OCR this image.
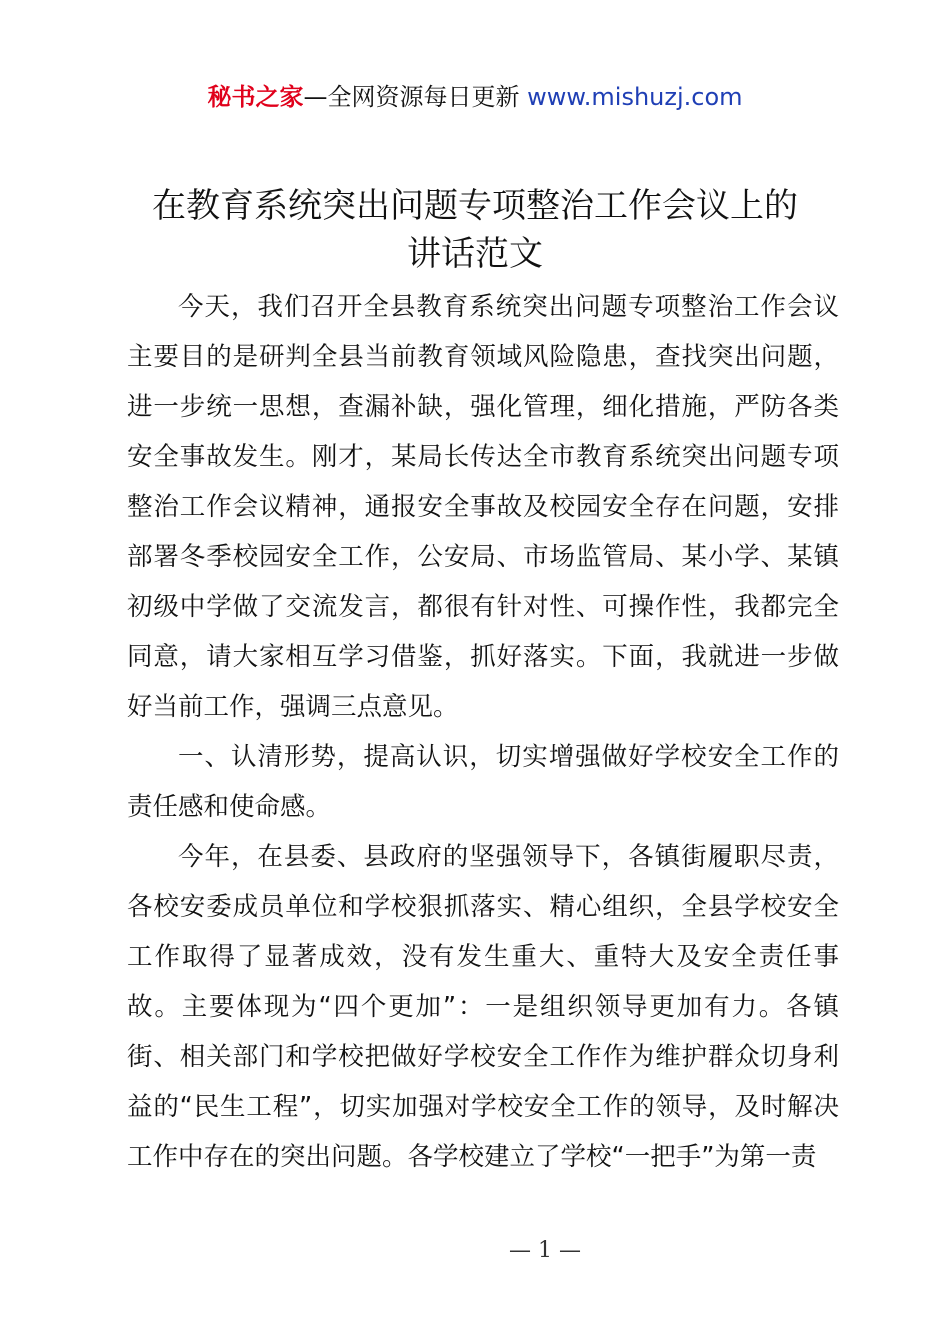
秘书之家—全网资源每日更新 www.mishuzj.com
在教育系统突出问题专项整治工作会议上的
讲话范文

今天，我们召开全县教育系统突出问题专项整治工作会议主要目的是研判全县当前教育领域风险隐患，查找突出问题，进一步统一思想，查漏补缺，强化管理，细化措施，严防各类安全事故发生。刚才，某局长传达全市教育系统突出问题专项整治工作会议精神，通报安全事故及校园安全存在问题，安排部署冬季校园安全工作，公安局、市场监管局、某小学、某镇初级中学做了交流发言，都很有针对性、可操作性，我都完全同意，请大家相互学习借鉴，抓好落实。下面，我就进一步做好当前工作，强调三点意见。

一、认清形势，提高认识，切实增强做好学校安全工作的责任感和使命感。

今年，在县委、县政府的坚强领导下，各镇街履职尽责，各校安委成员单位和学校狠抓落实、精心组织，全县学校安全工作取得了显著成效，没有发生重大、重特大及安全责任事故。主要体现为“四个更加”：一是组织领导更加有力。各镇街、相关部门和学校把做好学校安全工作作为维护群众切身利益的“民生工程”，切实加强对学校安全工作的领导，及时解决工作中存在的突出问题。各学校建立了学校“一把手”为第一责

— 1 —
